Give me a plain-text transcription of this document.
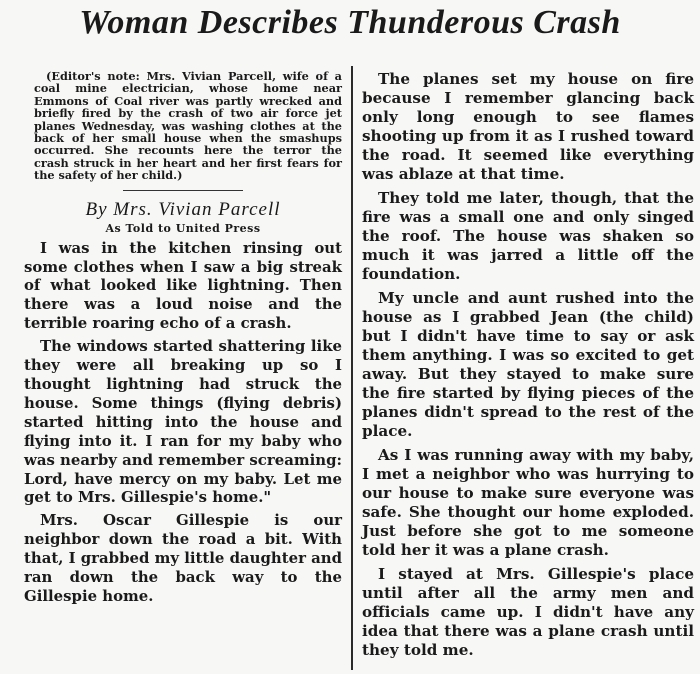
Woman Describes Thunderous Crash

(Editor's note: Mrs. Vivian Parcell, wife of a coal mine electrician, whose home near Emmons of Coal river was partly wrecked and briefly fired by the crash of two air force jet planes Wednesday, was washing clothes at the back of her small house when the smashups occurred. She recounts here the terror the crash struck in her heart and her first fears for the safety of her child.)

By Mrs. Vivian Parcell

As Told to United Press

I was in the kitchen rinsing out some clothes when I saw a big streak of what looked like lightning. Then there was a loud noise and the terrible roaring echo of a crash.

The windows started shattering like they were all breaking up so I thought lightning had struck the house. Some things (flying debris) started hitting into the house and flying into it. I ran for my baby who was nearby and remember screaming: Lord, have mercy on my baby. Let me get to Mrs. Gillespie's home."

Mrs. Oscar Gillespie is our neighbor down the road a bit. With that, I grabbed my little daughter and ran down the back way to the Gillespie home.

The planes set my house on fire because I remember glancing back only long enough to see flames shooting up from it as I rushed toward the road. It seemed like everything was ablaze at that time.

They told me later, though, that the fire was a small one and only singed the roof. The house was shaken so much it was jarred a little off the foundation.

My uncle and aunt rushed into the house as I grabbed Jean (the child) but I didn't have time to say or ask them anything. I was so excited to get away. But they stayed to make sure the fire started by flying pieces of the planes didn't spread to the rest of the place.

As I was running away with my baby, I met a neighbor who was hurrying to our house to make sure everyone was safe. She thought our home exploded. Just before she got to me someone told her it was a plane crash.

I stayed at Mrs. Gillespie's place until after all the army men and officials came up. I didn't have any idea that there was a plane crash until they told me.
